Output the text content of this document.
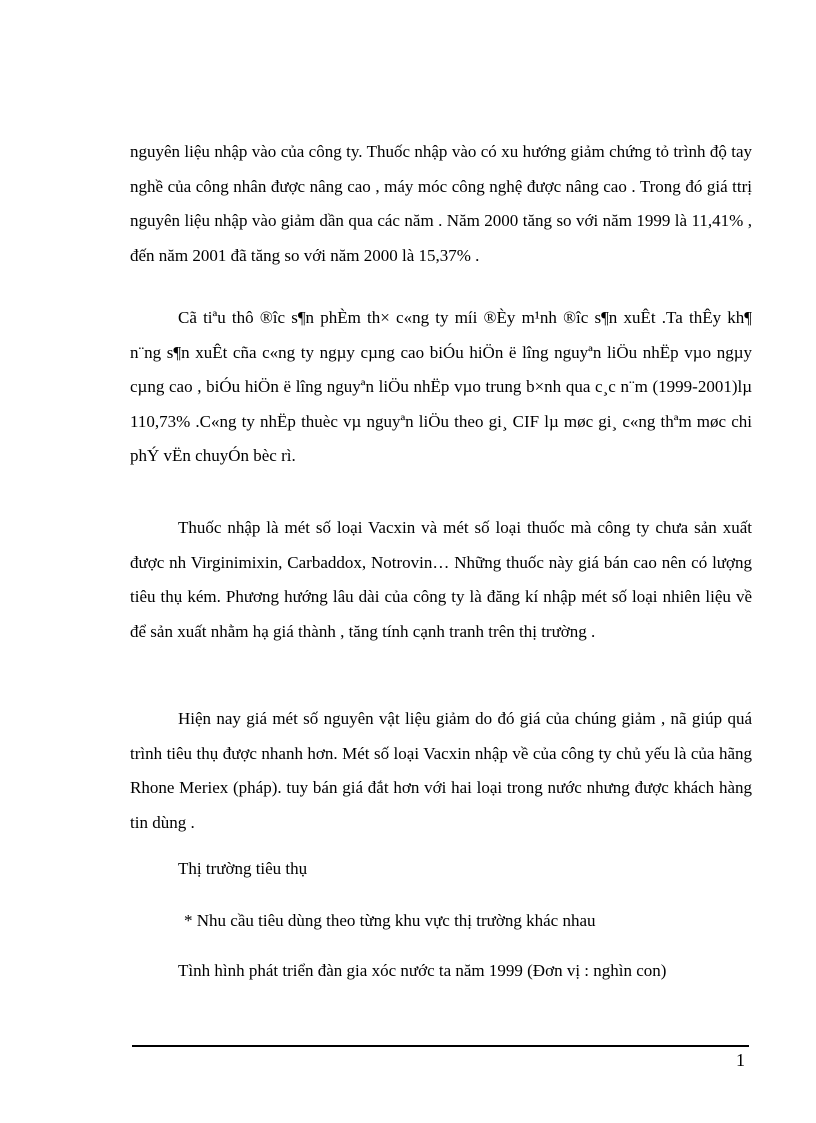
nguyên liệu nhập vào của công ty. Thuốc nhập vào có xu hướng giảm chứng tỏ trình độ tay nghề của công nhân được nâng cao , máy móc công nghệ được nâng cao . Trong đó giá ttrị nguyên liệu nhập vào giảm dần qua các năm . Năm 2000 tăng so với năm 1999 là 11,41% , đến năm 2001 đã tăng so với năm 2000 là 15,37% .

Cã tiªu thô ®îc s¶n phÈm th× c«ng ty míi ®Èy m¹nh ®îc s¶n xuÊt .Ta thÊy kh¶ n¨ng s¶n xuÊt cña c«ng ty ngµy cµng cao biÓu hiÖn ë lîng nguyªn liÖu nhËp vµo ngµy cµng cao , biÓu hiÖn ë lîng nguyªn liÖu nhËp vµo trung b×nh qua c¸c n¨m (1999-2001)lµ 110,73% .C«ng ty nhËp thuèc vµ nguyªn liÖu theo gi¸ CIF lµ møc gi¸ c«ng thªm møc chi phÝ vËn chuyÓn bèc rì.

Thuốc nhập là mét số loại Vacxin và mét số loại thuốc mà công ty chưa sản xuất được nh Virginimixin, Carbaddox, Notrovin… Những thuốc này giá bán cao nên có lượng tiêu thụ kém. Phương hướng lâu dài của công ty là đăng kí nhập mét số loại nhiên liệu về để sản xuất nhằm hạ giá thành , tăng tính cạnh tranh trên thị trường .

Hiện nay giá mét số nguyên vật liệu giảm do đó giá của chúng giảm , nã giúp quá trình tiêu thụ được nhanh hơn. Mét số loại Vacxin nhập về của công ty chủ yếu là của hãng Rhone Meriex (pháp). tuy bán giá đắt hơn với hai loại trong nước nhưng được khách hàng tin dùng .

Thị trường tiêu thụ

* Nhu cầu tiêu dùng theo từng khu vực thị trường khác nhau

Tình hình phát triển đàn gia xóc nước ta năm 1999 (Đơn vị : nghìn con)

1
